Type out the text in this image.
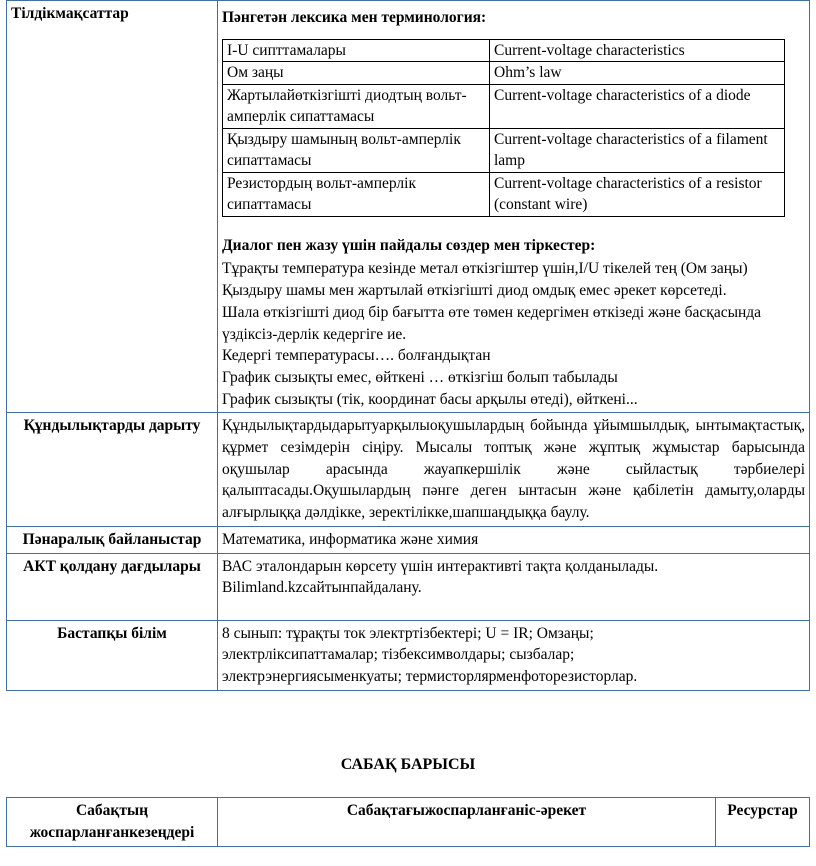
Тілдікмақсаттар	Пәнгетән лексика мен терминология:
I-U сипттамалары	Current-voltage characteristics
Ом заңы	Ohm’s law
Жартылайөткізгішті диодтың вольт-амперлік сипаттамасы	Current-voltage characteristics of a diode
Қыздыру шамының вольт-амперлік сипаттамасы	Current-voltage characteristics of a filament lamp
Резистордың вольт-амперлік сипаттамасы	Current-voltage characteristics of a resistor (constant wire)
Диалог пен жазу үшін пайдалы сөздер мен тіркестер:
Тұрақты температура кезінде метал өткізгіштер үшін,I/U тікелей тең (Ом заңы)
Қыздыру шамы мен жартылай өткізгішті диод омдық емес әрекет көрсетеді.
Шала өткізгішті диод бір бағытта өте төмен кедергімен өткізеді және басқасында үздіксіз-дерлік кедергіге ие.
Кедергі температурасы…. болғандықтан
График сызықты емес, өйткені … өткізгіш болып табылады
График сызықты (тік, координат басы арқылы өтеді), өйткені...

Құндылықтарды дарыту	Құндылықтардыдарытуарқылыоқушылардың бойында ұйымшылдық, ынтымақтастық, құрмет сезімдерін сіңіру. Мысалы топтық және жұптық жұмыстар барысында оқушылар арасында жауапкершілік және сыйластық тәрбиелері қалыптасады.Оқушылардың пәнге деген ынтасын және қабілетін дамыту,оларды алғырлыққа дәлдікке, зеректілікке,шапшаңдыққа баулу.
Пәнаралық байланыстар	Математика, информатика және химия
АКТ қолдану дағдылары	ВАС эталондарын көрсету үшін интерактивті тақта қолданылады.
Bilimland.kzсайтынпайдалану.

Бастапқы білім	8 сынып: тұрақты ток электртізбектері; U = IR; Омзаңы;
электрліксипаттамалар; тізбексимволдары; сызбалар;
электрэнергиясыменкуаты; термисторлярменфоторезисторлар.
САБАҚ БАРЫСЫ
Сабақтың жоспарланғанкезеңдері	Сабақтағыжоспарланғаніс-әрекет	Ресурстар
